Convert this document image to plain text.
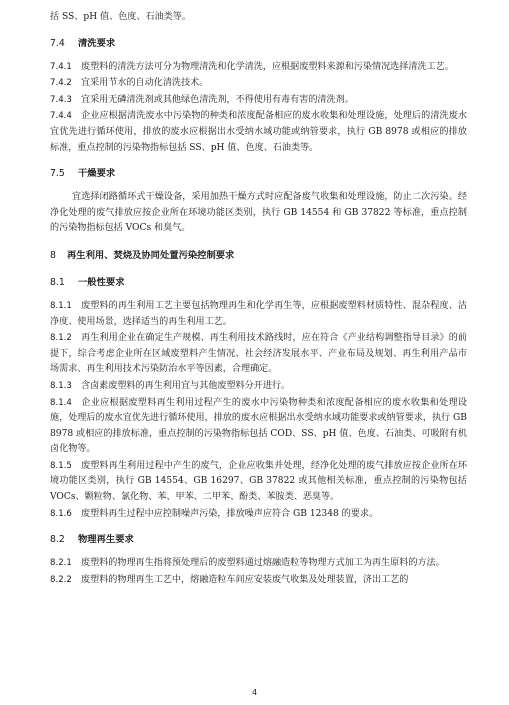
括 SS、pH 值、色度、石油类等。

7.4 清洗要求

7.4.1  废塑料的清洗方法可分为物理清洗和化学清洗，应根据废塑料来源和污染情况选择清洗工艺。

7.4.2  宜采用节水的自动化清洗技术。

7.4.3  宜采用无磷清洗剂或其他绿色清洗剂，不得使用有毒有害的清洗剂。

7.4.4  企业应根据清洗废水中污染物的种类和浓度配备相应的废水收集和处理设施，处理后的清洗废水宜优先进行循环使用，排放的废水应根据出水受纳水域功能或纳管要求，执行 GB 8978 或相应的排放标准，重点控制的污染物指标包括 SS、pH 值、色度、石油类等。

7.5 干燥要求

宜选择闭路循环式干燥设备，采用加热干燥方式时应配备废气收集和处理设施，防止二次污染。经净化处理的废气排放应按企业所在环境功能区类别，执行 GB 14554 和 GB 37822 等标准，重点控制的污染物指标包括 VOCs 和臭气。

8 再生利用、焚烧及协同处置污染控制要求

8.1 一般性要求

8.1.1  废塑料的再生利用工艺主要包括物理再生和化学再生等，应根据废塑料材质特性、混杂程度、洁净度、使用场景，选择适当的再生利用工艺。

8.1.2  再生利用企业在确定生产规模、再生利用技术路线时，应在符合《产业结构调整指导目录》的前提下，综合考虑企业所在区域废塑料产生情况、社会经济发展水平、产业布局及规划、再生利用产品市场需求、再生利用技术污染防治水平等因素，合理确定。

8.1.3  含卤素废塑料的再生利用宜与其他废塑料分开进行。

8.1.4  企业应根据废塑料再生利用过程产生的废水中污染物种类和浓度配备相应的废水收集和处理设施，处理后的废水宜优先进行循环使用，排放的废水应根据出水受纳水域功能要求或纳管要求，执行 GB 8978 或相应的排放标准，重点控制的污染物指标包括 COD、SS、pH 值、色度、石油类、可吸附有机卤化物等。

8.1.5  废塑料再生利用过程中产生的废气，企业应收集并处理，经净化处理的废气排放应按企业所在环境功能区类别，执行 GB 14554、GB 16297、GB 37822 或其他相关标准，重点控制的污染物包括 VOCs、颗粒物、氯化物、苯、甲苯、二甲苯、酚类、苯胺类、恶臭等。

8.1.6  废塑料再生过程中应控制噪声污染，排放噪声应符合 GB 12348 的要求。

8.2 物理再生要求

8.2.1  废塑料的物理再生指将预处理后的废塑料通过熔融造粒等物理方式加工为再生原料的方法。

8.2.2  废塑料的物理再生工艺中，熔融造粒车间应安装废气收集及处理装置，济出工艺的

4
